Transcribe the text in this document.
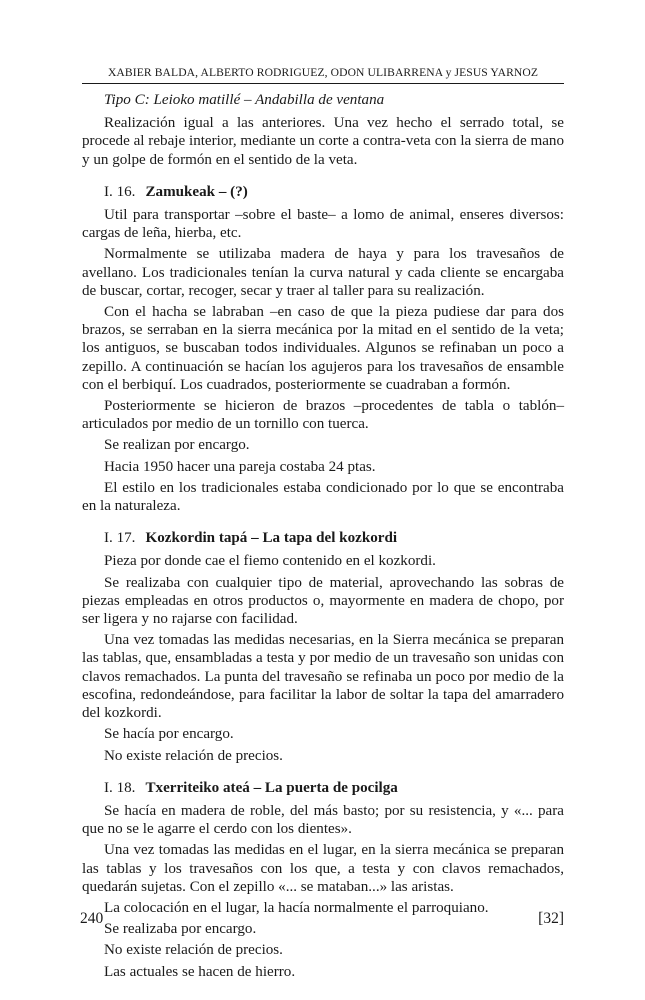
XABIER BALDA, ALBERTO RODRIGUEZ, ODON ULIBARRENA y JESUS YARNOZ
Tipo C: Leioko matillé – Andabilla de ventana

Realización igual a las anteriores. Una vez hecho el serrado total, se procede al rebaje interior, mediante un corte a contra-veta con la sierra de mano y un golpe de formón en el sentido de la veta.

I. 16. Zamukeak – (?)

Util para transportar –sobre el baste– a lomo de animal, enseres diversos: cargas de leña, hierba, etc.

Normalmente se utilizaba madera de haya y para los travesaños de avellano. Los tradicionales tenían la curva natural y cada cliente se encargaba de buscar, cortar, recoger, secar y traer al taller para su realización.

Con el hacha se labraban –en caso de que la pieza pudiese dar para dos brazos, se serraban en la sierra mecánica por la mitad en el sentido de la veta; los antiguos, se buscaban todos individuales. Algunos se refinaban un poco a zepillo. A continuación se hacían los agujeros para los travesaños de ensamble con el berbiquí. Los cuadrados, posteriormente se cuadraban a formón.

Posteriormente se hicieron de brazos –procedentes de tabla o tablón– articulados por medio de un tornillo con tuerca.

Se realizan por encargo.

Hacia 1950 hacer una pareja costaba 24 ptas.

El estilo en los tradicionales estaba condicionado por lo que se encontraba en la naturaleza.

I. 17. Kozkordin tapá – La tapa del kozkordi

Pieza por donde cae el fiemo contenido en el kozkordi.

Se realizaba con cualquier tipo de material, aprovechando las sobras de piezas empleadas en otros productos o, mayormente en madera de chopo, por ser ligera y no rajarse con facilidad.

Una vez tomadas las medidas necesarias, en la Sierra mecánica se preparan las tablas, que, ensambladas a testa y por medio de un travesaño son unidas con clavos remachados. La punta del travesaño se refinaba un poco por medio de la escofina, redondeándose, para facilitar la labor de soltar la tapa del amarradero del kozkordi.

Se hacía por encargo.

No existe relación de precios.

I. 18. Txerriteiko ateá – La puerta de pocilga

Se hacía en madera de roble, del más basto; por su resistencia, y «... para que no se le agarre el cerdo con los dientes».

Una vez tomadas las medidas en el lugar, en la sierra mecánica se preparan las tablas y los travesaños con los que, a testa y con clavos remachados, quedarán sujetas. Con el zepillo «... se mataban...» las aristas.

La colocación en el lugar, la hacía normalmente el parroquiano.

Se realizaba por encargo.

No existe relación de precios.

Las actuales se hacen de hierro.

240	[32]
